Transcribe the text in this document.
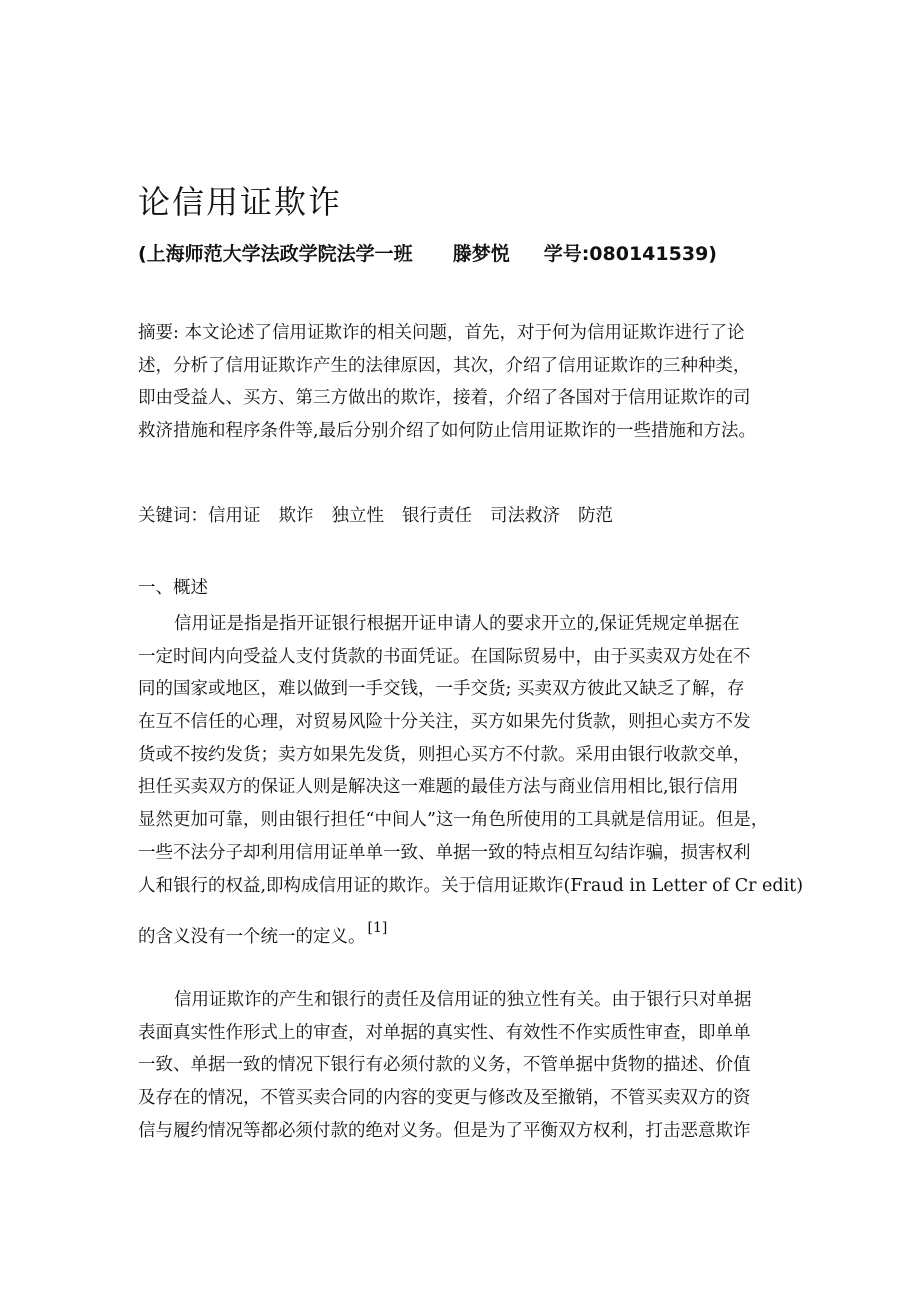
论信用证欺诈
(上海师范大学法政学院法学一班 滕梦悦 学号:080141539)
摘要: 本文论述了信用证欺诈的相关问题，首先，对于何为信用证欺诈进行了论
述，分析了信用证欺诈产生的法律原因，其次，介绍了信用证欺诈的三种种类，
即由受益人、买方、第三方做出的欺诈，接着，介绍了各国对于信用证欺诈的司
救济措施和程序条件等,最后分别介绍了如何防止信用证欺诈的一些措施和方法。
关键词：信用证 欺诈 独立性 银行责任 司法救济 防范
一、概述
信用证是指是指开证银行根据开证申请人的要求开立的,保证凭规定单据在
一定时间内向受益人支付货款的书面凭证。在国际贸易中，由于买卖双方处在不
同的国家或地区，难以做到一手交钱，一手交货; 买卖双方彼此又缺乏了解，存
在互不信任的心理，对贸易风险十分关注，买方如果先付货款，则担心卖方不发
货或不按约发货；卖方如果先发货，则担心买方不付款。采用由银行收款交单，
担任买卖双方的保证人则是解决这一难题的最佳方法与商业信用相比,银行信用
显然更加可靠，则由银行担任“中间人”这一角色所使用的工具就是信用证。但是，
一些不法分子却利用信用证单单一致、单据一致的特点相互勾结诈骗，损害权利
人和银行的权益,即构成信用证的欺诈。关于信用证欺诈(Fraud in Letter of Cr edit)
的含义没有一个统一的定义。 [1]
信用证欺诈的产生和银行的责任及信用证的独立性有关。由于银行只对单据
表面真实性作形式上的审查，对单据的真实性、有效性不作实质性审查，即单单
一致、单据一致的情况下银行有必须付款的义务，不管单据中货物的描述、价值
及存在的情况，不管买卖合同的内容的变更与修改及至撤销，不管买卖双方的资
信与履约情况等都必须付款的绝对义务。但是为了平衡双方权利，打击恶意欺诈
